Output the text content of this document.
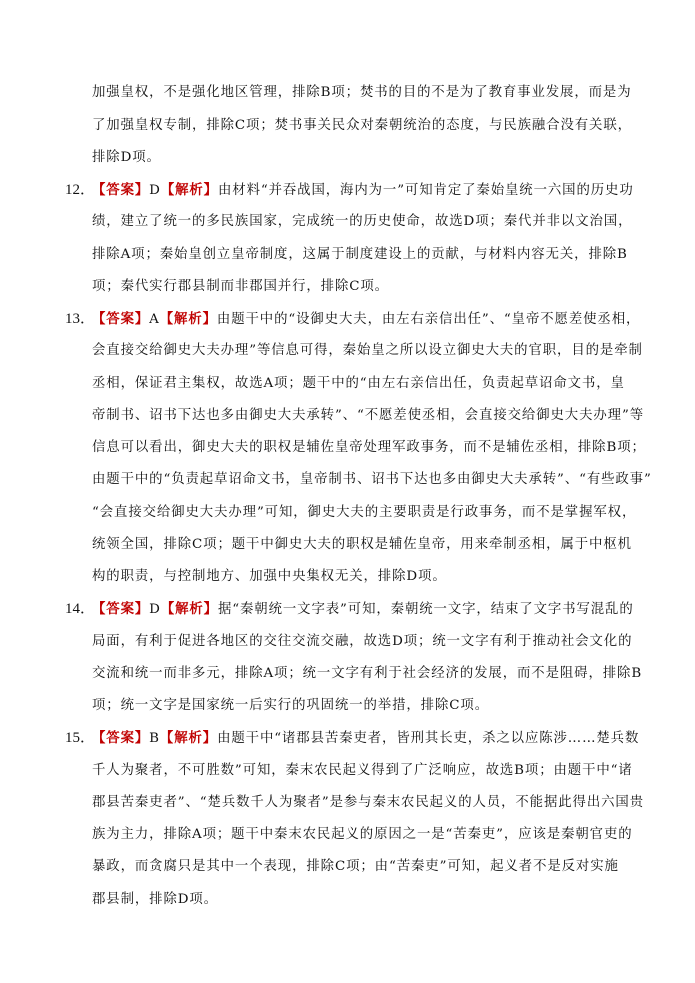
加强皇权，不是强化地区管理，排除B项；焚书的目的不是为了教育事业发展，而是为
了加强皇权专制，排除C项；焚书事关民众对秦朝统治的态度，与民族融合没有关联，
排除D项。
12．【答案】D【解析】由材料“并吞战国，海内为一”可知肯定了秦始皇统一六国的历史功
绩，建立了统一的多民族国家，完成统一的历史使命，故选D项；秦代并非以文治国，
排除A项；秦始皇创立皇帝制度，这属于制度建设上的贡献，与材料内容无关，排除B
项；秦代实行郡县制而非郡国并行，排除C项。
13．【答案】A【解析】由题干中的“设御史大夫，由左右亲信出任”、“皇帝不愿差使丞相，
会直接交给御史大夫办理”等信息可得，秦始皇之所以设立御史大夫的官职，目的是牵制
丞相，保证君主集权，故选A项；题干中的“由左右亲信出任，负责起草诏命文书，皇
帝制书、诏书下达也多由御史大夫承转”、“不愿差使丞相，会直接交给御史大夫办理”等
信息可以看出，御史大夫的职权是辅佐皇帝处理军政事务，而不是辅佐丞相，排除B项；
由题干中的“负责起草诏命文书，皇帝制书、诏书下达也多由御史大夫承转”、“有些政事”
“会直接交给御史大夫办理”可知，御史大夫的主要职责是行政事务，而不是掌握军权，
统领全国，排除C项；题干中御史大夫的职权是辅佐皇帝，用来牵制丞相，属于中枢机
构的职责，与控制地方、加强中央集权无关，排除D项。
14．【答案】D【解析】据“秦朝统一文字表”可知，秦朝统一文字，结束了文字书写混乱的
局面，有利于促进各地区的交往交流交融，故选D项；统一文字有利于推动社会文化的
交流和统一而非多元，排除A项；统一文字有利于社会经济的发展，而不是阻碍，排除B
项；统一文字是国家统一后实行的巩固统一的举措，排除C项。
15．【答案】B【解析】由题干中“诸郡县苦秦吏者，皆刑其长吏，杀之以应陈涉……楚兵数
千人为聚者，不可胜数”可知，秦末农民起义得到了广泛响应，故选B项；由题干中“诸
郡县苦秦吏者”、“楚兵数千人为聚者”是参与秦末农民起义的人员，不能据此得出六国贵
族为主力，排除A项；题干中秦末农民起义的原因之一是“苦秦吏”，应该是秦朝官吏的
暴政，而贪腐只是其中一个表现，排除C项；由“苦秦吏”可知，起义者不是反对实施
郡县制，排除D项。
